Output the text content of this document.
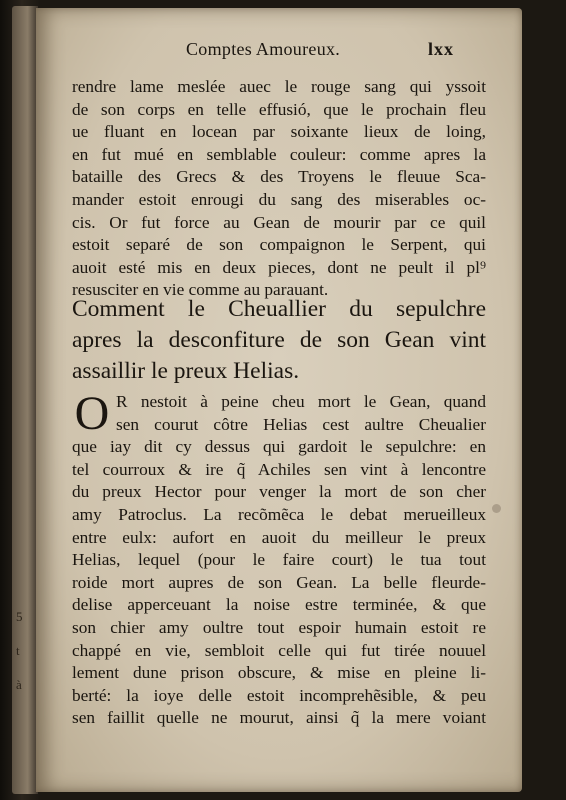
5
t
à
Comptes Amoureux.	lxx
rendre lame meslée auec le rouge sang qui yssoit
de son corps en telle effusió, que le prochain fleu
ue fluant en locean par soixante lieux de loing,
en fut mué en semblable couleur: comme apres la
bataille des Grecs & des Troyens le fleuue Sca-
mander estoit enrougi du sang des miserables oc-
cis. Or fut force au Gean de mourir par ce quil
estoit separé de son compaignon le Serpent, qui
auoit esté mis en deux pieces, dont ne peult il pl⁹
resusciter en vie comme au parauant.
Comment le Cheuallier du sepulchre
apres la desconfiture de son Gean vint
assaillir le preux Helias.
O R nestoit à peine cheu mort le Gean, quand
sen courut côtre Helias cest aultre Cheualier
que iay dit cy dessus qui gardoit le sepulchre: en
tel courroux & ire q̃ Achiles sen vint à lencontre
du preux Hector pour venger la mort de son cher
amy Patroclus. La recõmẽca le debat merueilleux
entre eulx: aufort en auoit du meilleur le preux
Helias, lequel (pour le faire court) le tua tout
roide mort aupres de son Gean. La belle fleurde-
delise apperceuant la noise estre terminée, & que
son chier amy oultre tout espoir humain estoit re
chappé en vie, sembloit celle qui fut tirée nouuel
lement dune prison obscure, & mise en pleine li-
berté: la ioye delle estoit incomprehẽsible, & peu
sen faillit quelle ne mourut, ainsi q̃ la mere voiant
